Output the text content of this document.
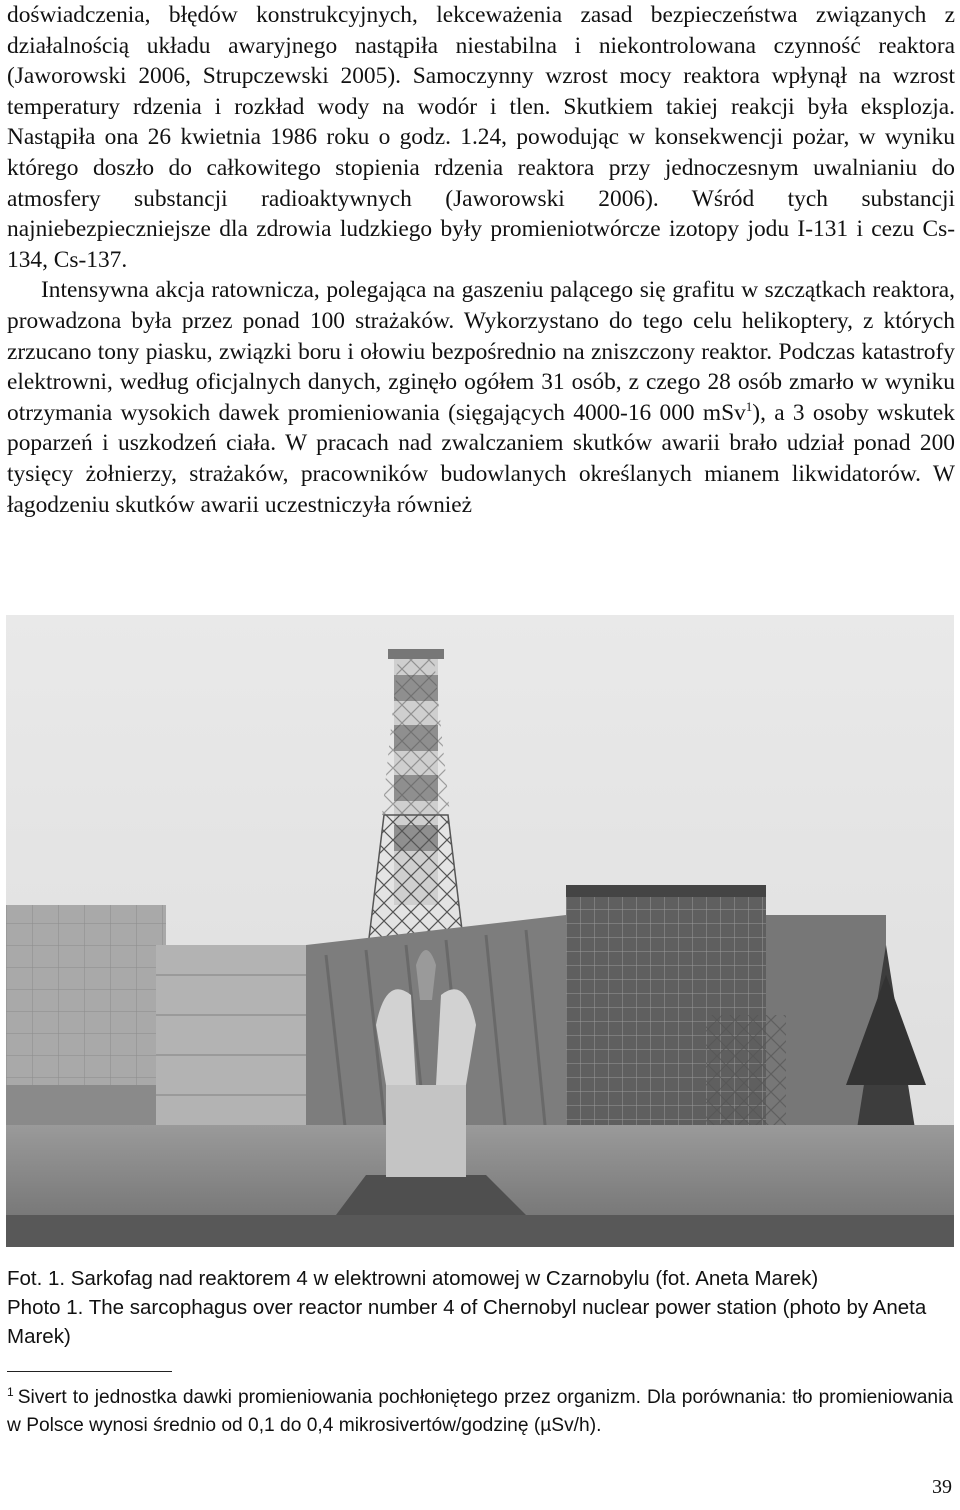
doświadczenia, błędów konstrukcyjnych, lekceważenia zasad bezpieczeństwa związanych z działalnością układu awaryjnego nastąpiła niestabilna i niekontrolowana czynność reaktora (Jaworowski 2006, Strupczewski 2005). Samoczynny wzrost mocy reaktora wpłynął na wzrost temperatury rdzenia i rozkład wody na wodór i tlen. Skutkiem takiej reakcji była eksplozja. Nastąpiła ona 26 kwietnia 1986 roku o godz. 1.24, powodując w konsekwencji pożar, w wyniku którego doszło do całkowitego stopienia rdzenia reaktora przy jednoczesnym uwalnianiu do atmosfery substancji radioaktywnych (Jaworowski 2006). Wśród tych substancji najniebezpieczniejsze dla zdrowia ludzkiego były promieniotwórcze izotopy jodu I-131 i cezu Cs-134, Cs-137.

Intensywna akcja ratownicza, polegająca na gaszeniu palącego się grafitu w szczątkach reaktora, prowadzona była przez ponad 100 strażaków. Wykorzystano do tego celu helikoptery, z których zrzucano tony piasku, związki boru i ołowiu bezpośrednio na zniszczony reaktor. Podczas katastrofy elektrowni, według oficjalnych danych, zginęło ogółem 31 osób, z czego 28 osób zmarło w wyniku otrzymania wysokich dawek promieniowania (sięgających 4000-16 000 mSv$^1$), a 3 osoby wskutek poparzeń i uszkodzeń ciała. W pracach nad zwalczaniem skutków awarii brało udział ponad 200 tysięcy żołnierzy, strażaków, pracowników budowlanych określanych mianem likwidatorów. W łagodzeniu skutków awarii uczestniczyła również

Fot. 1. Sarkofag nad reaktorem 4 w elektrowni atomowej w Czarnobylu (fot. Aneta Marek)

Photo 1. The sarcophagus over reactor number 4 of Chernobyl nuclear power station (photo by Aneta Marek)

$^1$ Sivert to jednostka dawki promieniowania pochłoniętego przez organizm. Dla porównania: tło promieniowania w Polsce wynosi średnio od 0,1 do 0,4 mikrosivertów/godzinę (µSv/h).
39
